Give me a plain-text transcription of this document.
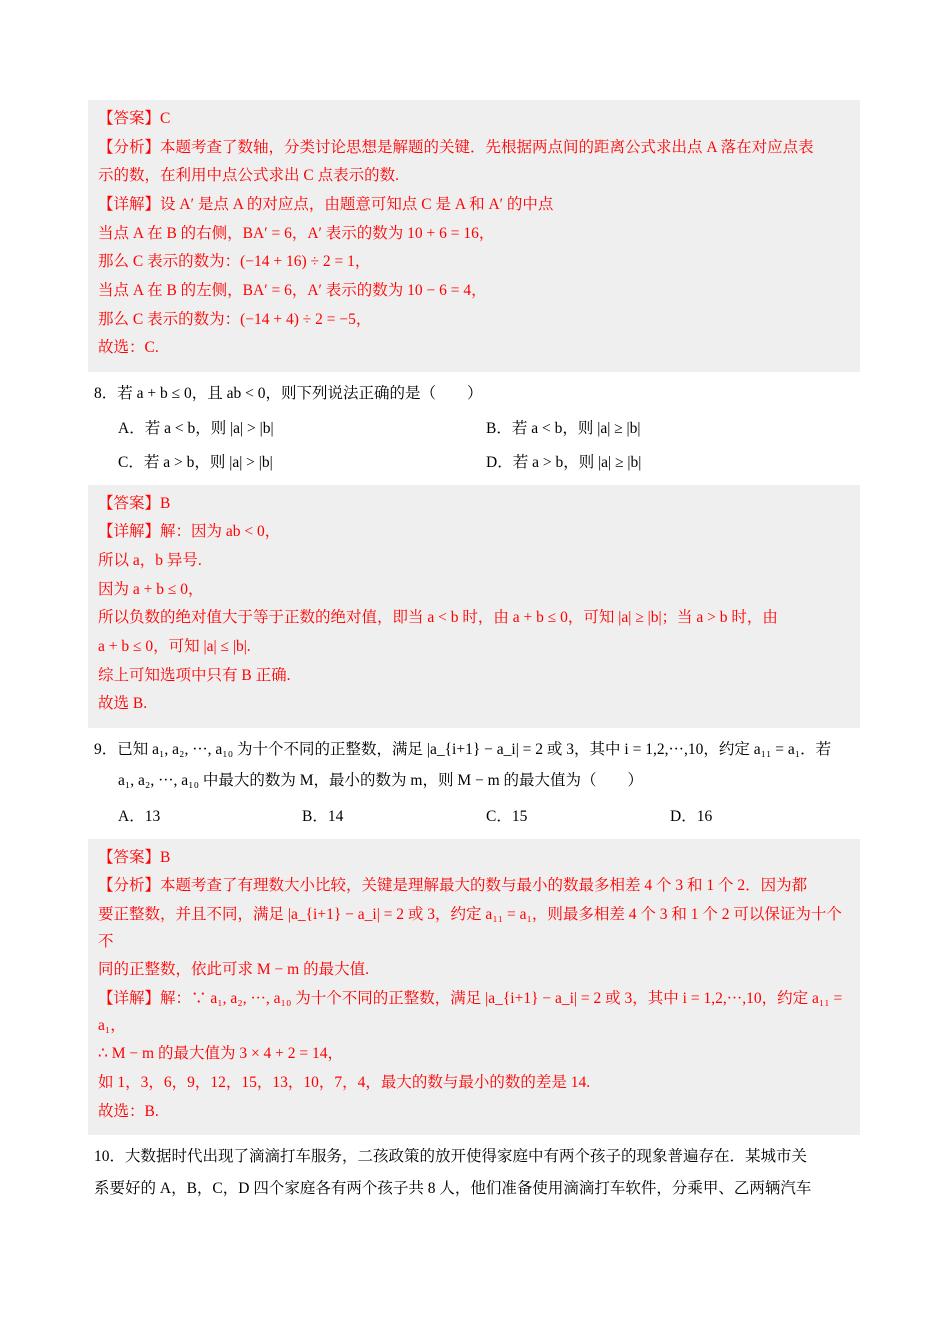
【答案】C

【分析】本题考查了数轴，分类讨论思想是解题的关键．先根据两点间的距离公式求出点 A 落在对应点表

示的数，在利用中点公式求出 C 点表示的数.

【详解】设 A′ 是点 A 的对应点，由题意可知点 C 是 A 和 A′ 的中点

当点 A 在 B 的右侧，BA′ = 6，A′ 表示的数为 10 + 6 = 16，

那么 C 表示的数为：(−14 + 16) ÷ 2 = 1，

当点 A 在 B 的左侧，BA′ = 6，A′ 表示的数为 10 − 6 = 4，

那么 C 表示的数为：(−14 + 4) ÷ 2 = −5，

故选：C.

8．若 a + b ≤ 0，且 ab < 0，则下列说法正确的是（　　）

A．若 a < b，则 |a| > |b|	B．若 a < b，则 |a| ≥ |b|
C．若 a > b，则 |a| > |b|	D．若 a > b，则 |a| ≥ |b|

【答案】B

【详解】解：因为 ab < 0，

所以 a，b 异号.

因为 a + b ≤ 0，

所以负数的绝对值大于等于正数的绝对值，即当 a < b 时，由 a + b ≤ 0，可知 |a| ≥ |b|；当 a > b 时，由

a + b ≤ 0，可知 |a| ≤ |b|.

综上可知选项中只有 B 正确.

故选 B.

9．已知 a₁, a₂, ···, a₁₀ 为十个不同的正整数，满足 |a_{i+1} − a_i| = 2 或 3，其中 i = 1,2,···,10，约定 a₁₁ = a₁．若

a₁, a₂, ···, a₁₀ 中最大的数为 M，最小的数为 m，则 M − m 的最大值为（　　）

A．13	B．14	C．15	D．16

【答案】B

【分析】本题考查了有理数大小比较，关键是理解最大的数与最小的数最多相差 4 个 3 和 1 个 2．因为都

要正整数，并且不同，满足 |a_{i+1} − a_i| = 2 或 3，约定 a₁₁ = a₁，则最多相差 4 个 3 和 1 个 2 可以保证为十个不

同的正整数，依此可求 M − m 的最大值.

【详解】解：∵ a₁, a₂, ···, a₁₀ 为十个不同的正整数，满足 |a_{i+1} − a_i| = 2 或 3，其中 i = 1,2,···,10，约定 a₁₁ = a₁，

∴ M − m 的最大值为 3 × 4 + 2 = 14，

如 1，3，6，9，12，15，13，10，7，4，最大的数与最小的数的差是 14.

故选：B.

10．大数据时代出现了滴滴打车服务，二孩政策的放开使得家庭中有两个孩子的现象普遍存在．某城市关

系要好的 A，B，C，D 四个家庭各有两个孩子共 8 人，他们准备使用滴滴打车软件，分乘甲、乙两辆汽车
